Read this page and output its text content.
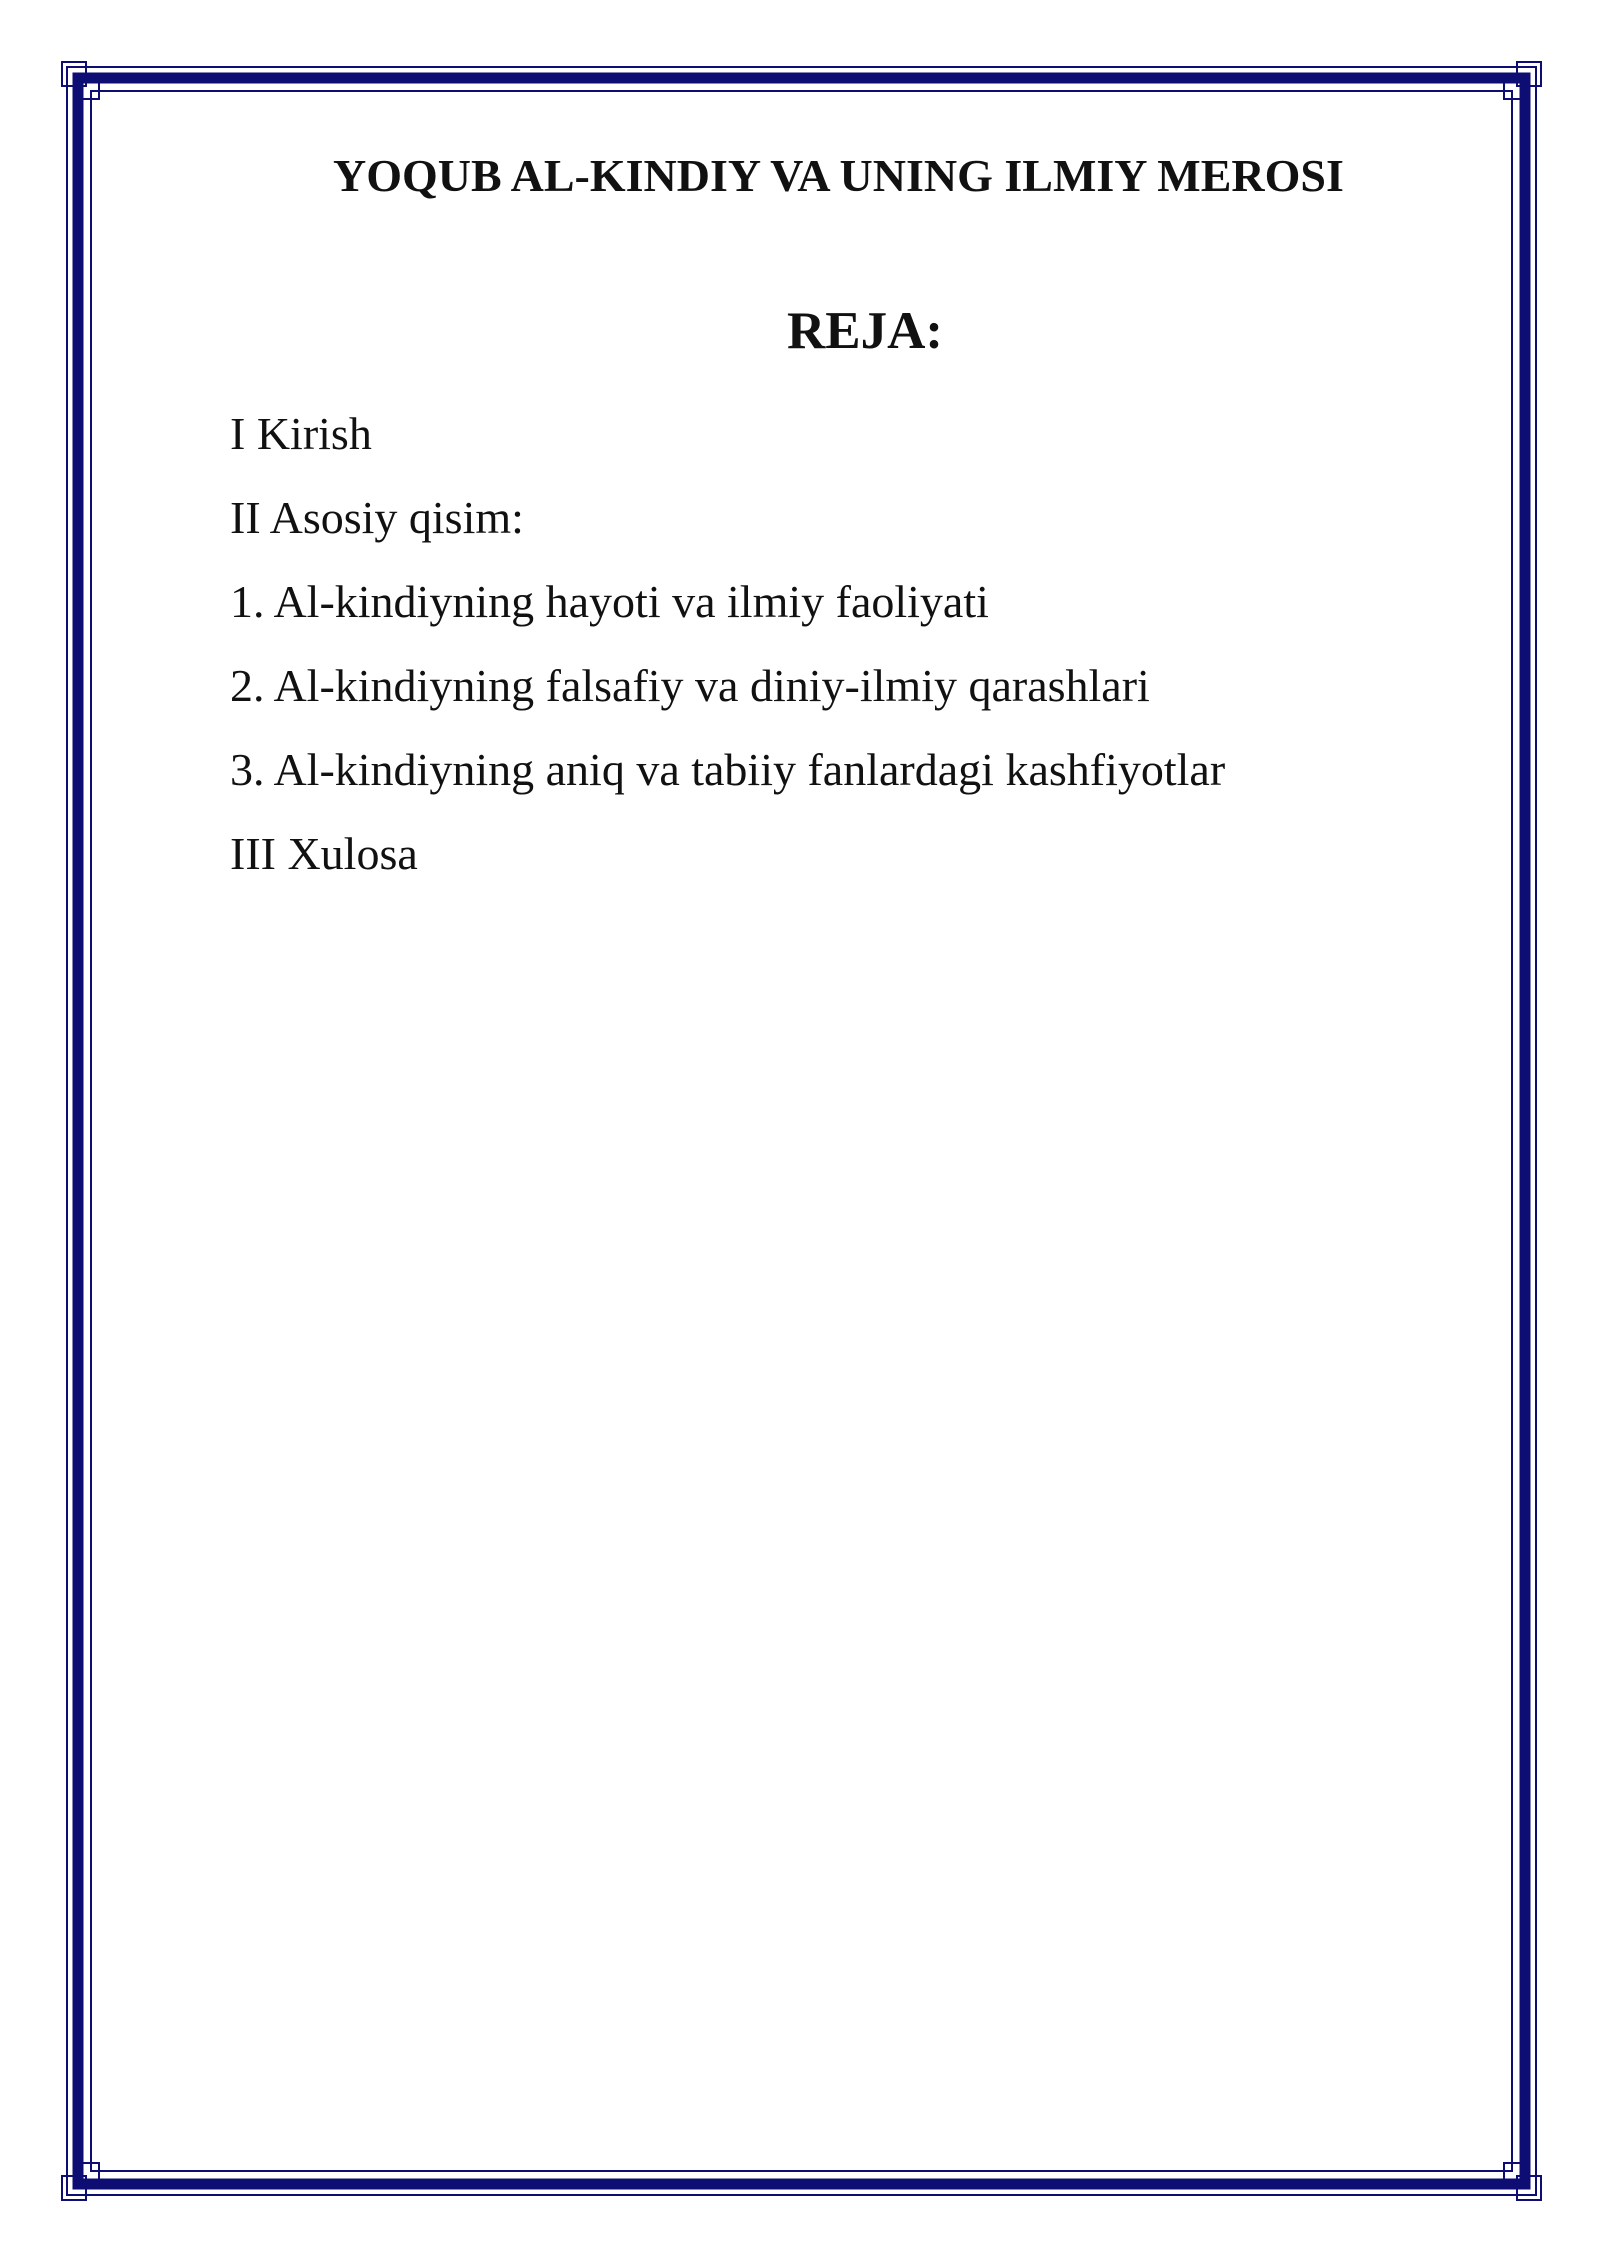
YOQUB AL-KINDIY VA UNING ILMIY MEROSI
REJA:
I Kirish
II Asosiy qisim:
1. Al-kindiyning hayoti va ilmiy faoliyati
2. Al-kindiyning falsafiy va diniy-ilmiy qarashlari
3. Al-kindiyning aniq va tabiiy fanlardagi kashfiyotlar
III Xulosa
